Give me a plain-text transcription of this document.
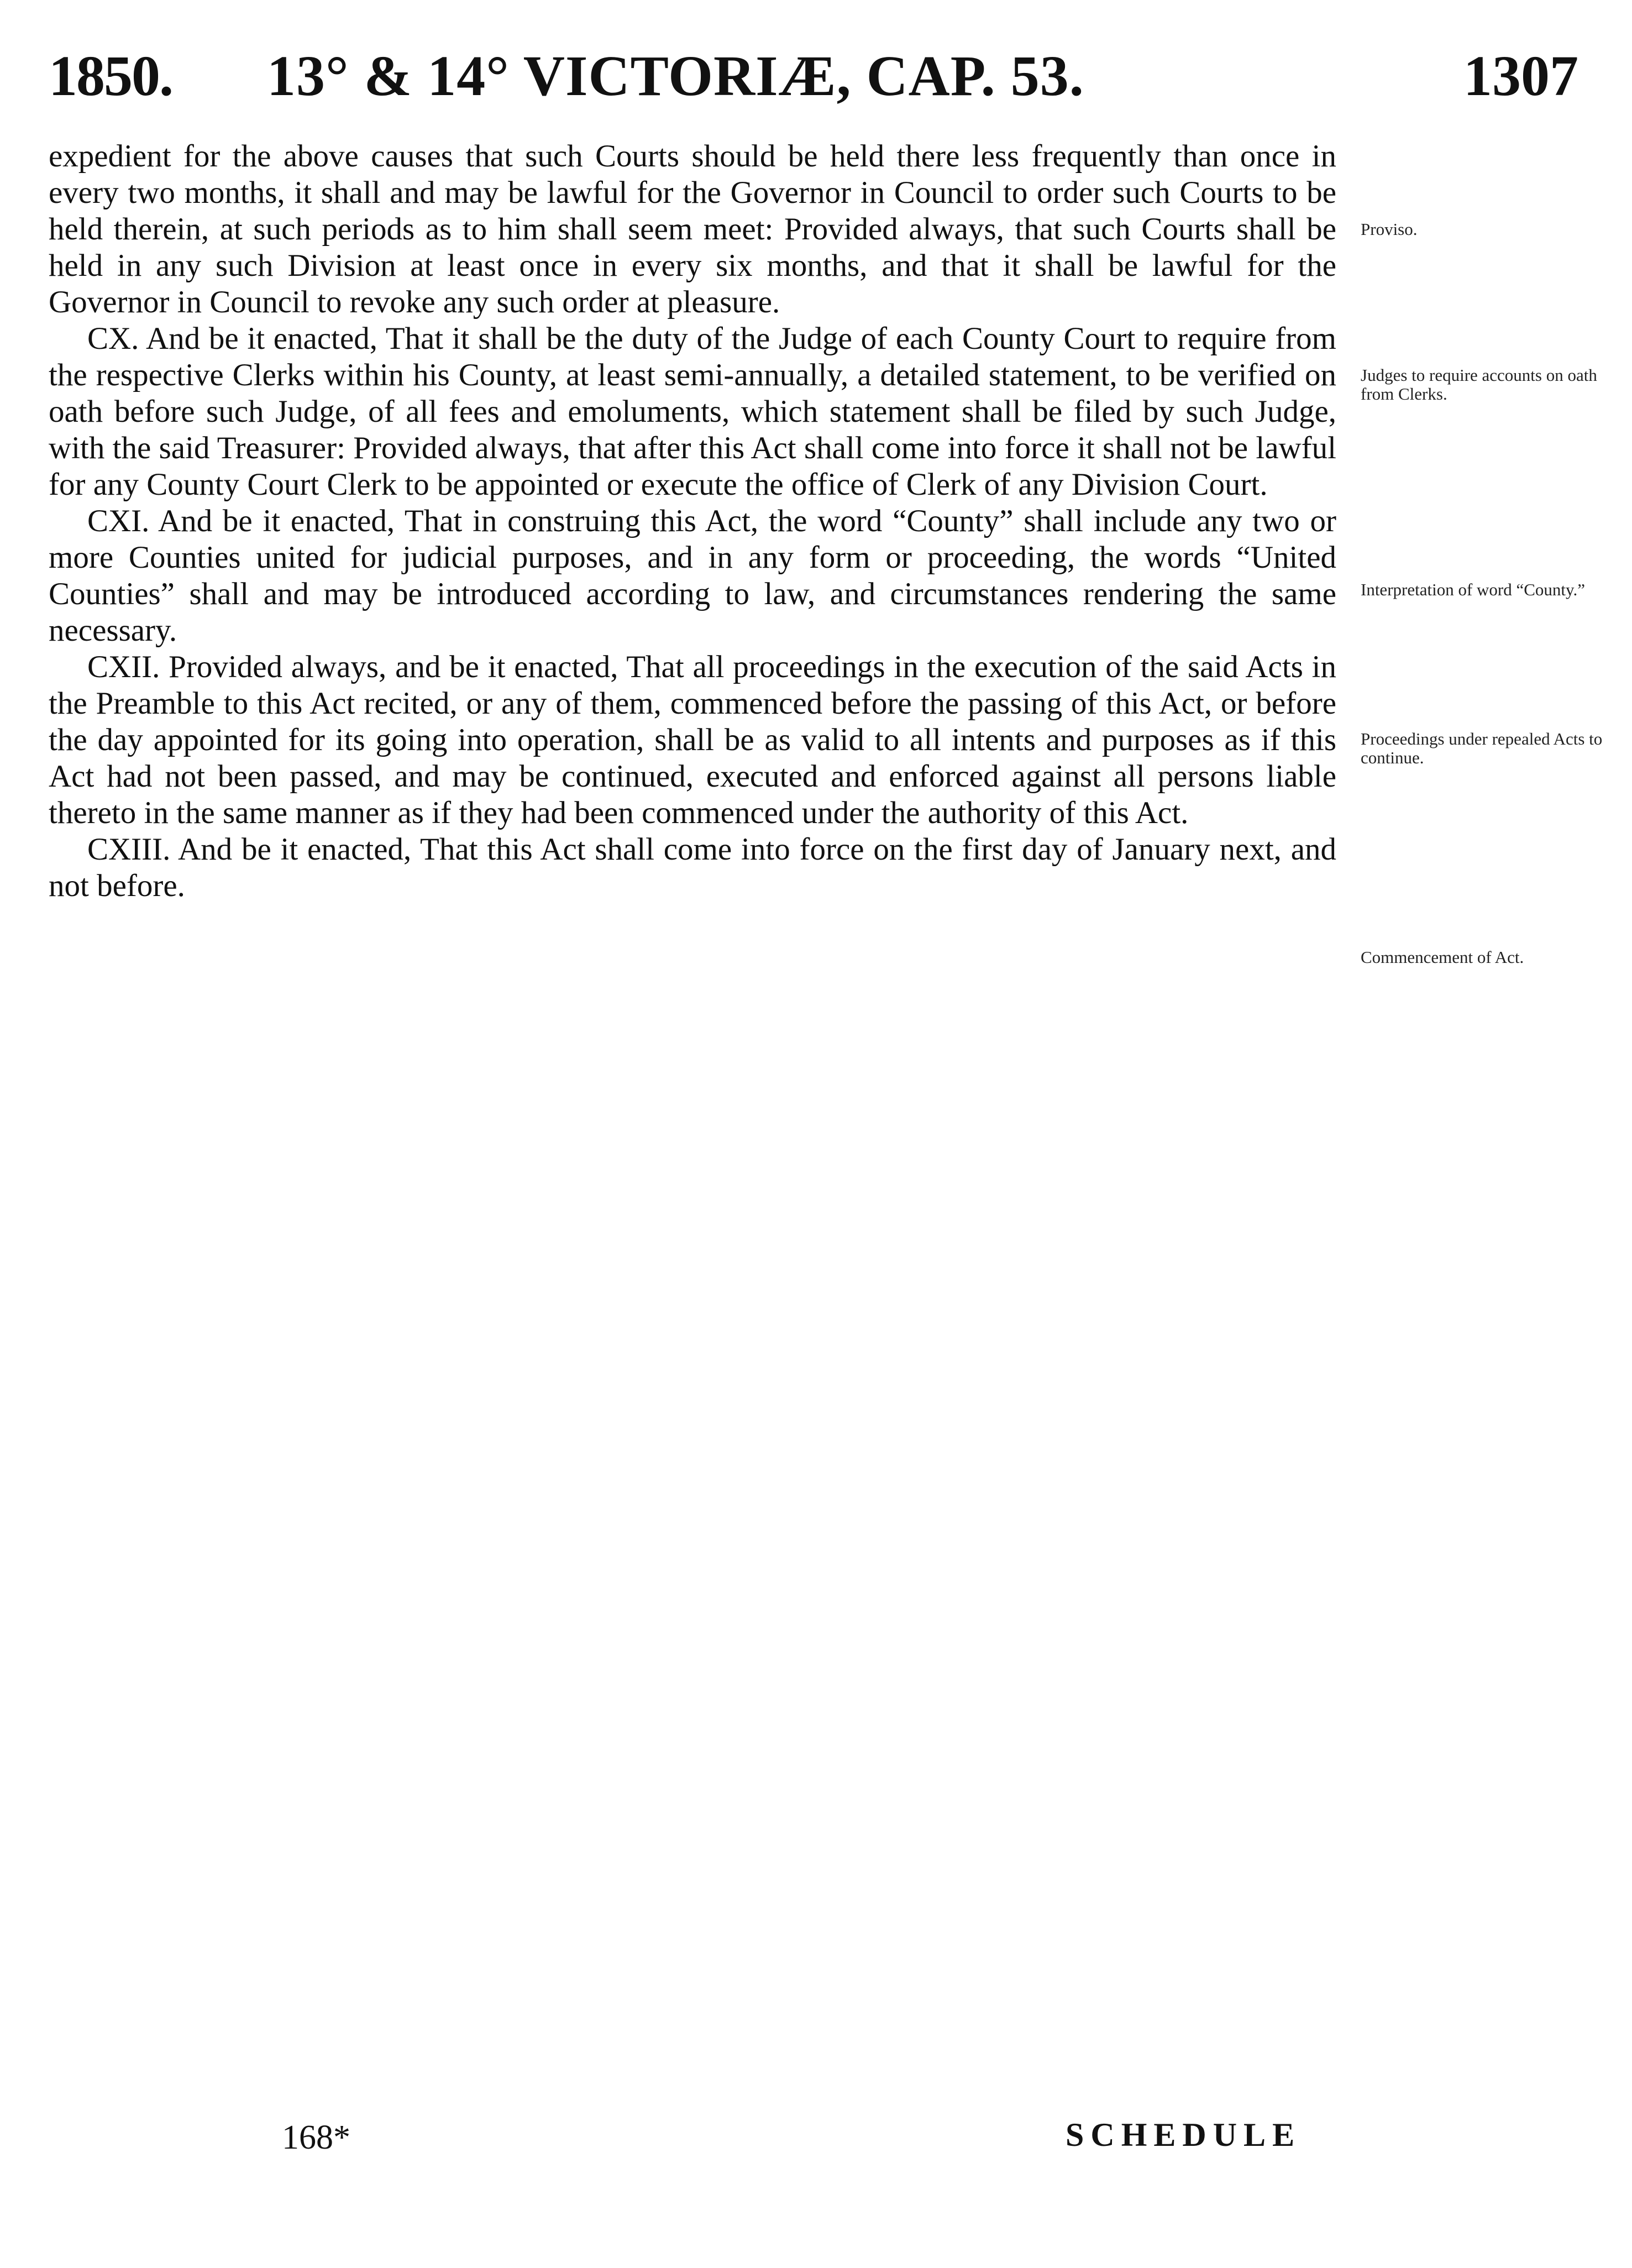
1850. 13° & 14° VICTORIÆ, CAP. 53.	1307

expedient for the above causes that such Courts should be held there less frequently than once in every two months, it shall and may be lawful for the Governor in Council to order such Courts to be held therein, at such periods as to him shall seem meet: Provided always, that such Courts shall be held in any such Division at least once in every six months, and that it shall be lawful for the Governor in Council to revoke any such order at pleasure.

CX. And be it enacted, That it shall be the duty of the Judge of each County Court to require from the respective Clerks within his County, at least semi-annually, a detailed statement, to be verified on oath before such Judge, of all fees and emoluments, which statement shall be filed by such Judge, with the said Treasurer: Provided always, that after this Act shall come into force it shall not be lawful for any County Court Clerk to be appointed or execute the office of Clerk of any Division Court.

CXI. And be it enacted, That in construing this Act, the word “County” shall include any two or more Counties united for judicial purposes, and in any form or proceeding, the words “United Counties” shall and may be introduced according to law, and circumstances rendering the same necessary.

CXII. Provided always, and be it enacted, That all proceedings in the execution of the said Acts in the Preamble to this Act recited, or any of them, commenced before the passing of this Act, or before the day appointed for its going into operation, shall be as valid to all intents and purposes as if this Act had not been passed, and may be continued, executed and enforced against all persons liable thereto in the same manner as if they had been commenced under the authority of this Act.

CXIII. And be it enacted, That this Act shall come into force on the first day of January next, and not before.

Proviso.
Judges to require accounts on oath from Clerks.
Interpretation of word “County.”
Proceedings under repealed Acts to continue.
Commencement of Act.
168*	SCHEDULE
